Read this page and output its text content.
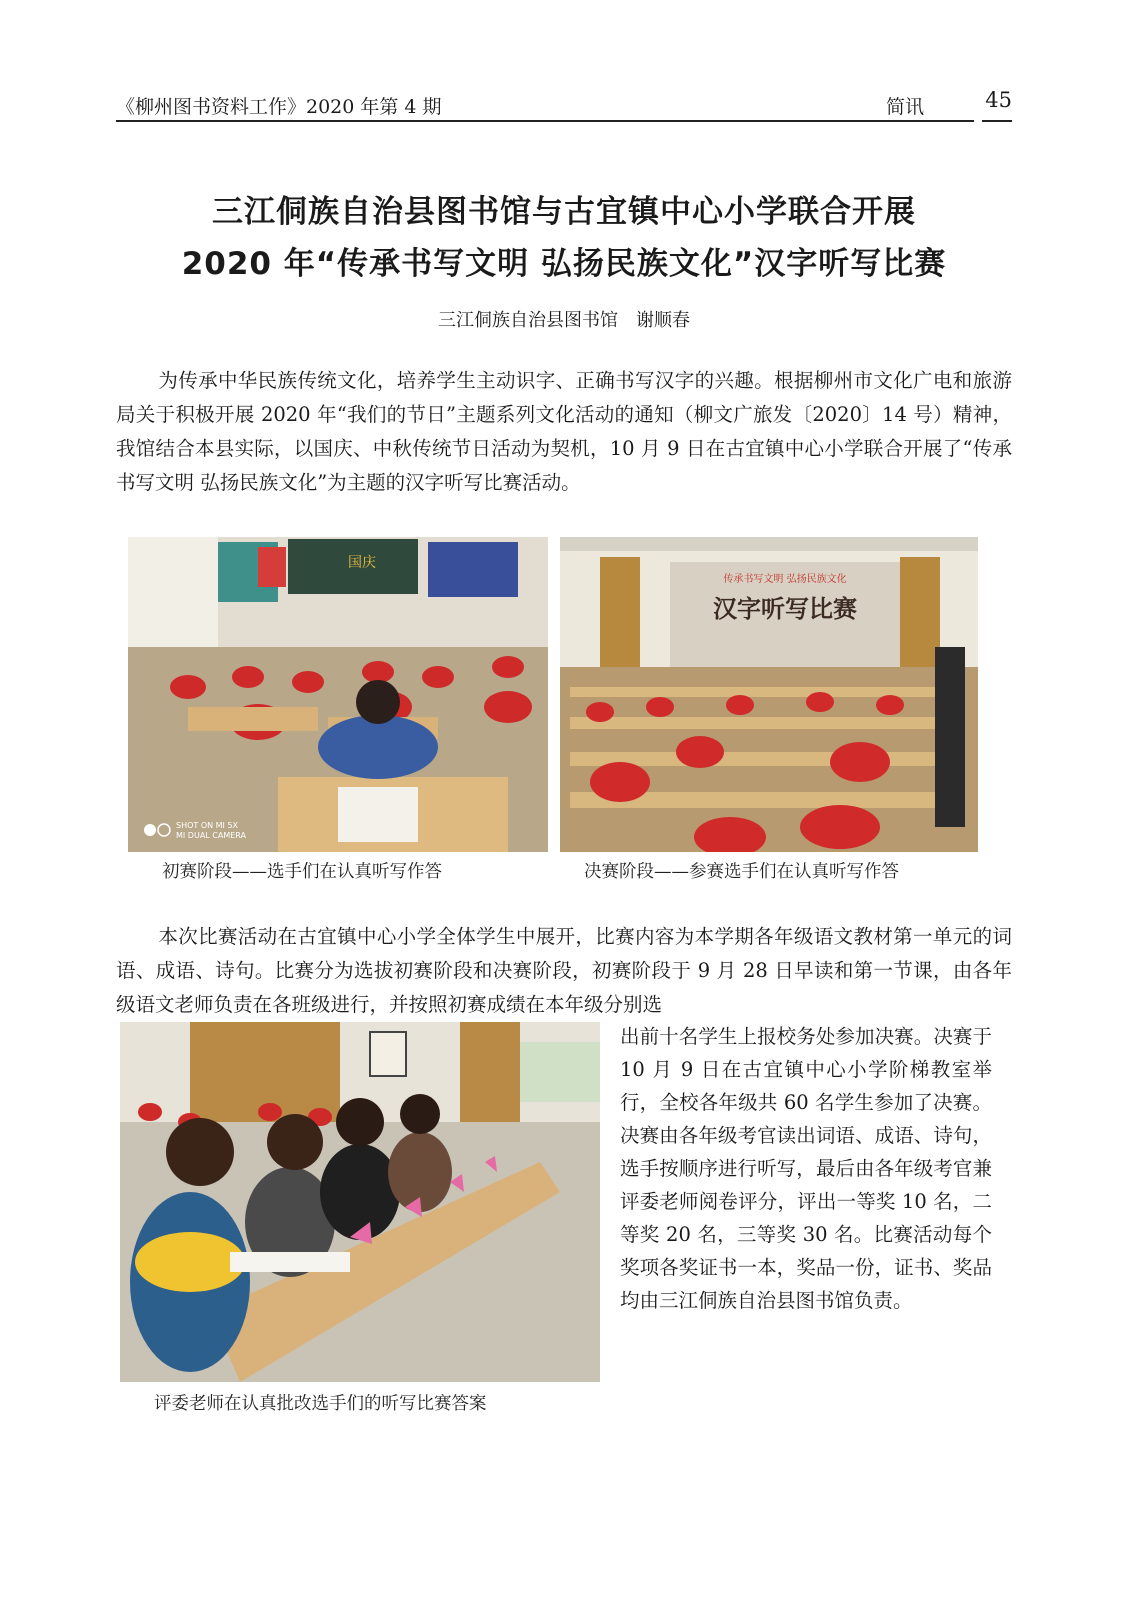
《柳州图书资料工作》2020 年第 4 期	简讯	45
三江侗族自治县图书馆与古宜镇中心小学联合开展
2020 年“传承书写文明 弘扬民族文化”汉字听写比赛
三江侗族自治县图书馆　谢顺春

为传承中华民族传统文化，培养学生主动识字、正确书写汉字的兴趣。根据柳州市文化广电和旅游局关于积极开展 2020 年“我们的节日”主题系列文化活动的通知（柳文广旅发〔2020〕14 号）精神，我馆结合本县实际，以国庆、中秋传统节日活动为契机，10 月 9 日在古宜镇中心小学联合开展了“传承书写文明 弘扬民族文化”为主题的汉字听写比赛活动。

国庆
SHOT ON MI 5X
MI DUAL CAMERA
传承书写文明 弘扬民族文化
汉字听写比赛
初赛阶段——选手们在认真听写作答	决赛阶段——参赛选手们在认真听写作答

本次比赛活动在古宜镇中心小学全体学生中展开，比赛内容为本学期各年级语文教材第一单元的词语、成语、诗句。比赛分为选拔初赛阶段和决赛阶段，初赛阶段于 9 月 28 日早读和第一节课，由各年级语文老师负责在各班级进行，并按照初赛成绩在本年级分别选

出前十名学生上报校务处参加决赛。决赛于 10 月 9 日在古宜镇中心小学阶梯教室举行，全校各年级共 60 名学生参加了决赛。决赛由各年级考官读出词语、成语、诗句，选手按顺序进行听写，最后由各年级考官兼评委老师阅卷评分，评出一等奖 10 名，二等奖 20 名，三等奖 30 名。比赛活动每个奖项各奖证书一本，奖品一份，证书、奖品均由三江侗族自治县图书馆负责。

评委老师在认真批改选手们的听写比赛答案
